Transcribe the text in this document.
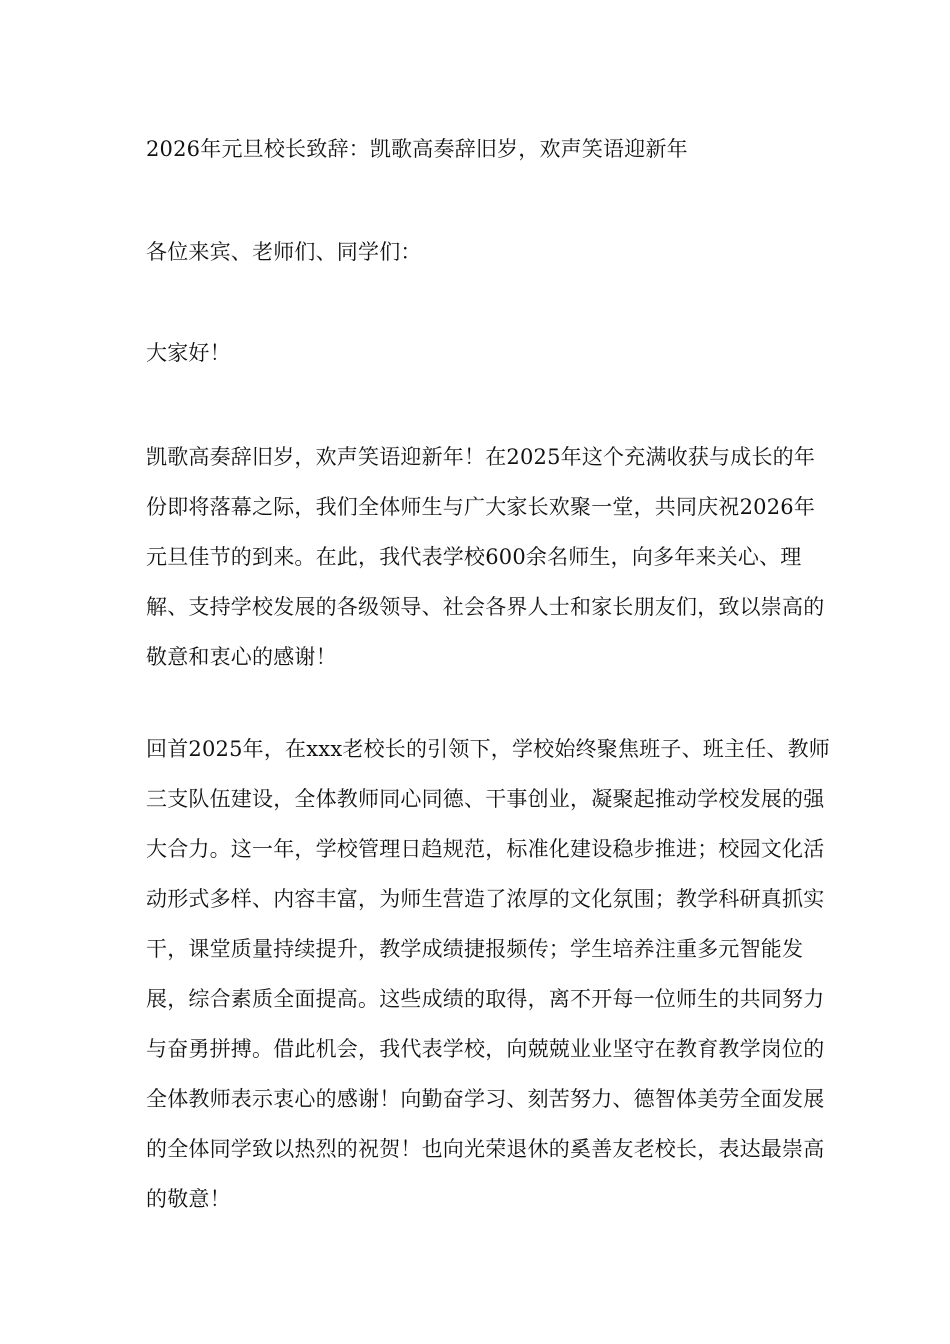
2026年元旦校长致辞：凯歌高奏辞旧岁，欢声笑语迎新年

各位来宾、老师们、同学们：

大家好！

凯歌高奏辞旧岁，欢声笑语迎新年！在2025年这个充满收获与成长的年份即将落幕之际，我们全体师生与广大家长欢聚一堂，共同庆祝2026年元旦佳节的到来。在此，我代表学校600余名师生，向多年来关心、理解、支持学校发展的各级领导、社会各界人士和家长朋友们，致以崇高的敬意和衷心的感谢！

回首2025年，在xxx老校长的引领下，学校始终聚焦班子、班主任、教师三支队伍建设，全体教师同心同德、干事创业，凝聚起推动学校发展的强大合力。这一年，学校管理日趋规范，标准化建设稳步推进；校园文化活动形式多样、内容丰富，为师生营造了浓厚的文化氛围；教学科研真抓实干，课堂质量持续提升，教学成绩捷报频传；学生培养注重多元智能发展，综合素质全面提高。这些成绩的取得，离不开每一位师生的共同努力与奋勇拼搏。借此机会，我代表学校，向兢兢业业坚守在教育教学岗位的全体教师表示衷心的感谢！向勤奋学习、刻苦努力、德智体美劳全面发展的全体同学致以热烈的祝贺！也向光荣退休的奚善友老校长，表达最崇高的敬意！
